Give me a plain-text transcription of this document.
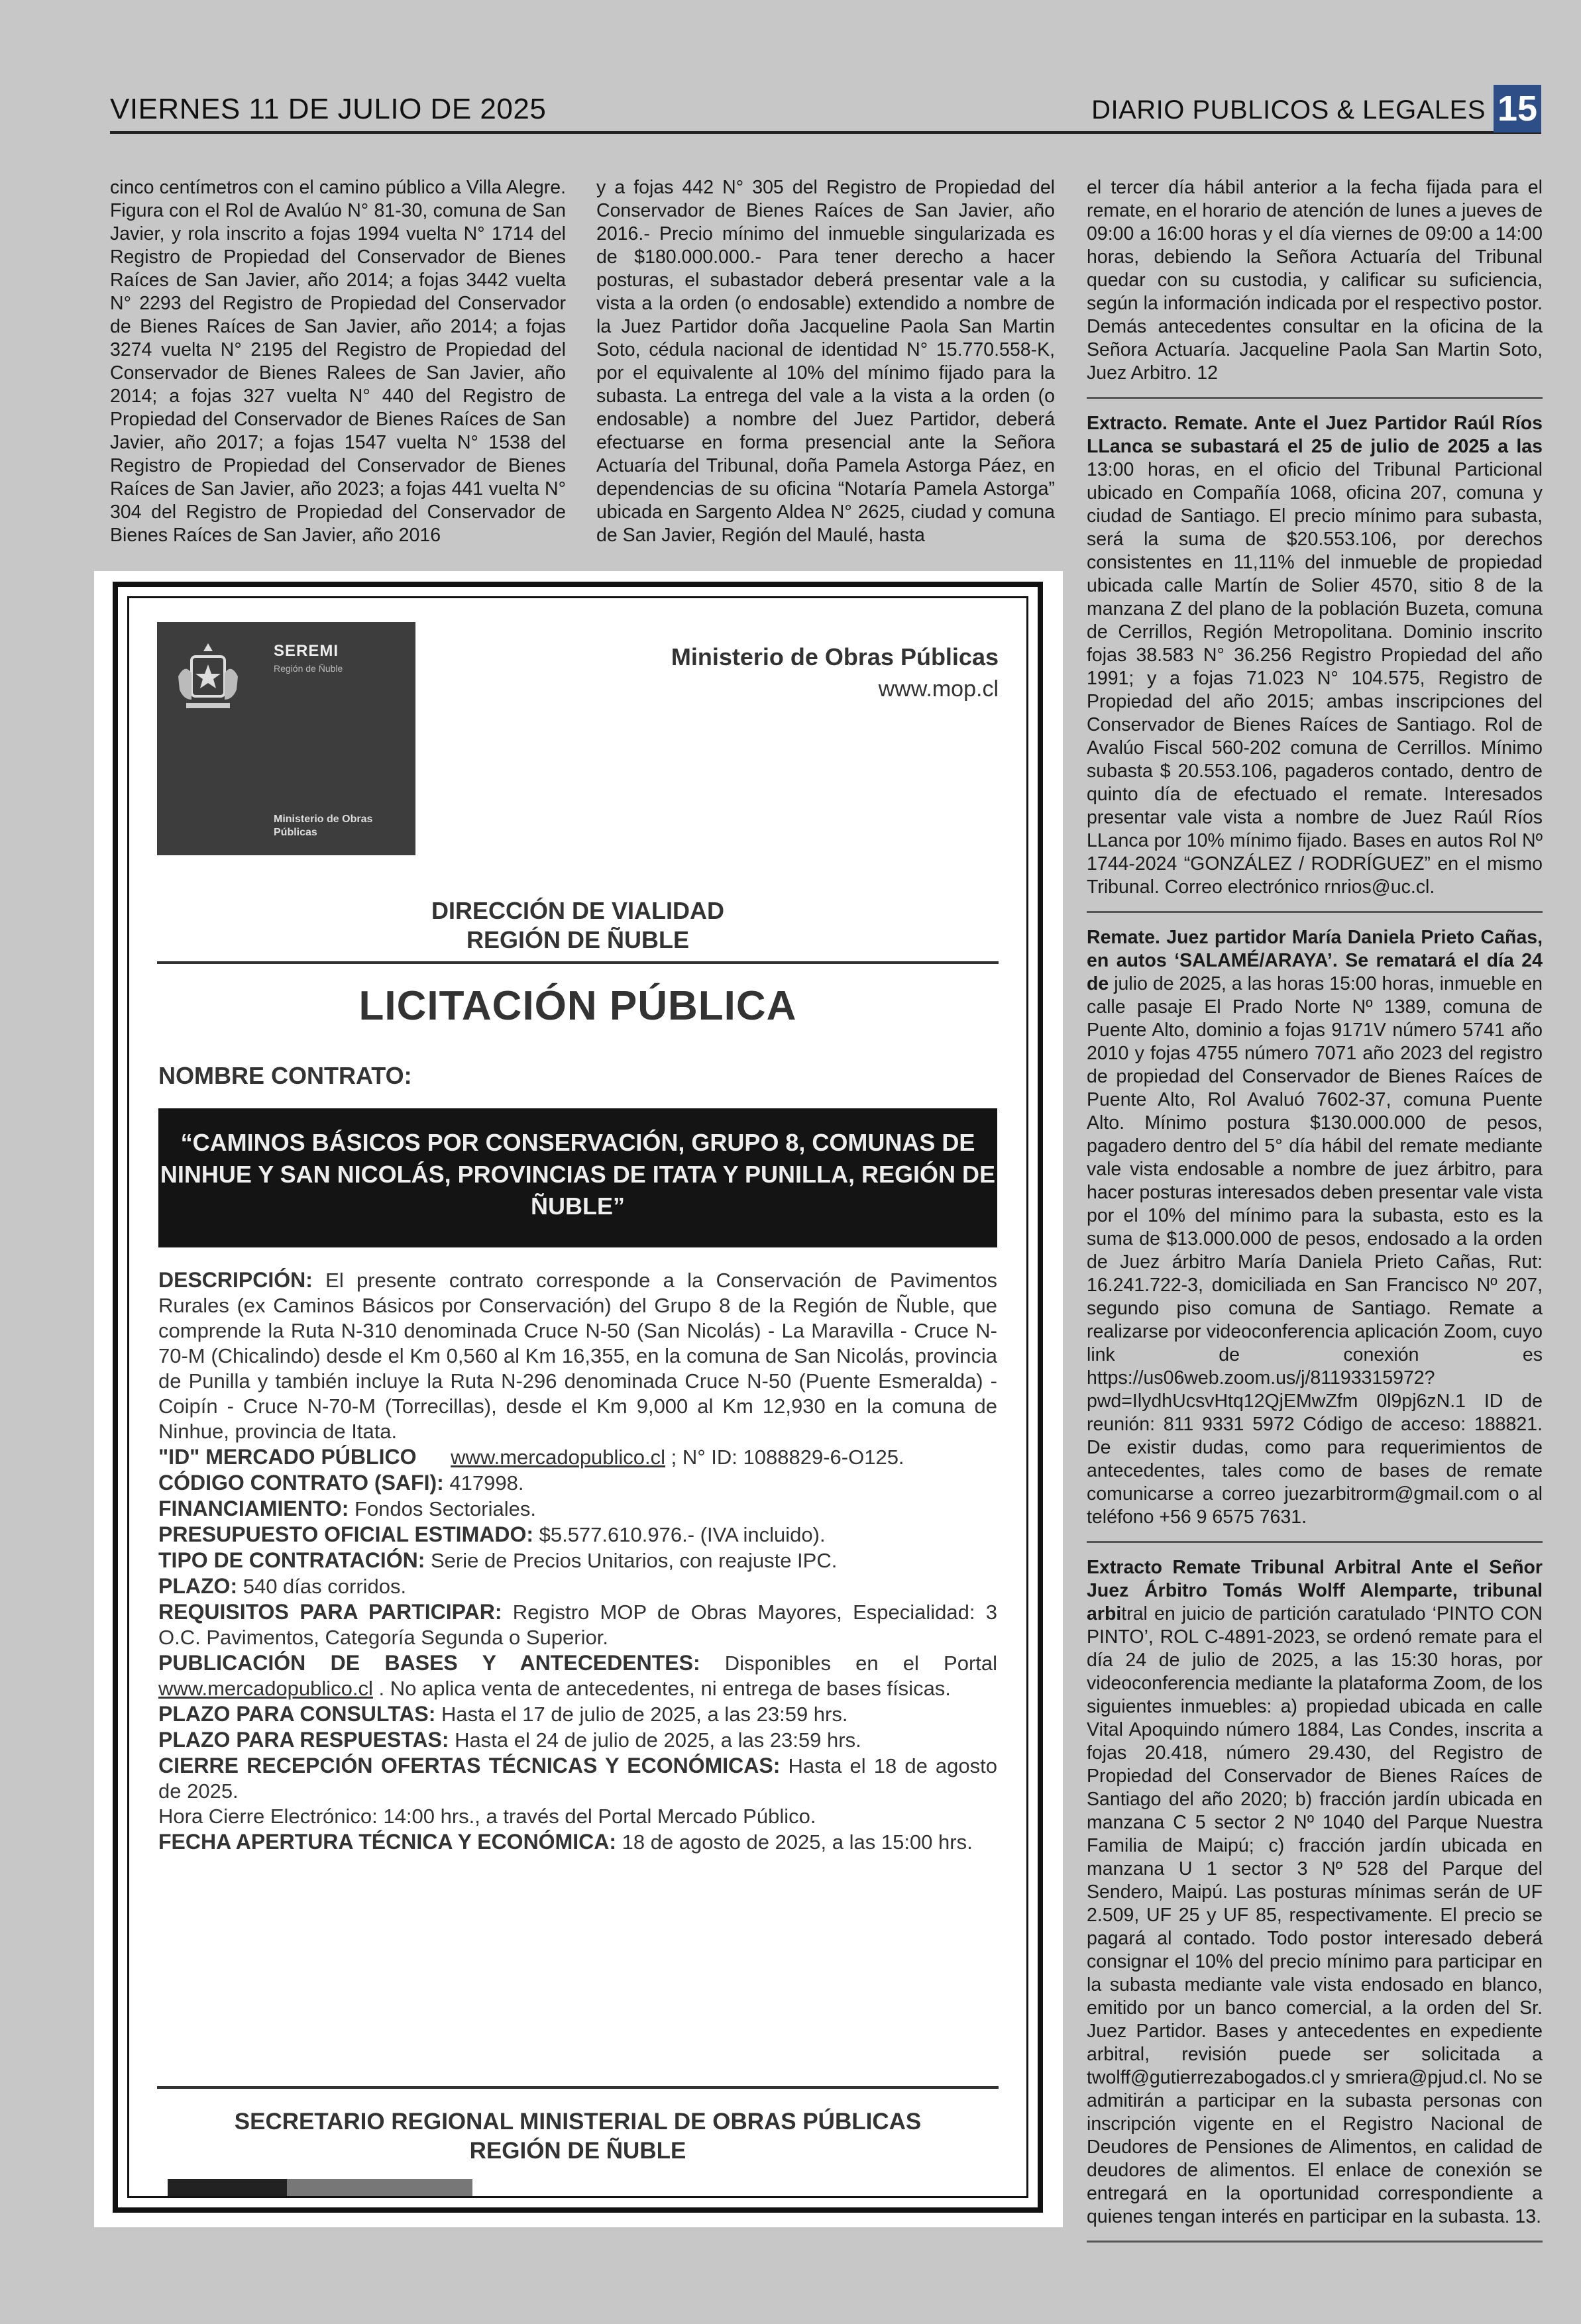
VIERNES 11 DE JULIO DE 2025	DIARIO PUBLICOS & LEGALES 15

cinco centímetros con el camino público a Villa Alegre. Figura con el Rol de Avalúo N° 81-30, comuna de San Javier, y rola inscrito a fojas 1994 vuelta N° 1714 del Registro de Propiedad del Conservador de Bienes Raíces de San Javier, año 2014; a fojas 3442 vuelta N° 2293 del Registro de Propiedad del Conservador de Bienes Raíces de San Javier, año 2014; a fojas 3274 vuelta N° 2195 del Registro de Propiedad del Conservador de Bienes Ralees de San Javier, año 2014; a fojas 327 vuelta N° 440 del Registro de Propiedad del Conservador de Bienes Raíces de San Javier, año 2017; a fojas 1547 vuelta N° 1538 del Registro de Propiedad del Conservador de Bienes Raíces de San Javier, año 2023; a fojas 441 vuelta N° 304 del Registro de Propiedad del Conservador de Bienes Raíces de San Javier, año 2016

y a fojas 442 N° 305 del Registro de Propiedad del Conservador de Bienes Raíces de San Javier, año 2016.- Precio mínimo del inmueble singularizada es de $180.000.000.- Para tener derecho a hacer posturas, el subastador deberá presentar vale a la vista a la orden (o endosable) extendido a nombre de la Juez Partidor doña Jacqueline Paola San Martin Soto, cédula nacional de identidad N° 15.770.558-K, por el equivalente al 10% del mínimo fijado para la subasta. La entrega del vale a la vista a la orden (o endosable) a nombre del Juez Partidor, deberá efectuarse en forma presencial ante la Señora Actuaría del Tribunal, doña Pamela Astorga Páez, en dependencias de su oficina “Notaría Pamela Astorga” ubicada en Sargento Aldea N° 2625, ciudad y comuna de San Javier, Región del Maulé, hasta

el tercer día hábil anterior a la fecha fijada para el remate, en el horario de atención de lunes a jueves de 09:00 a 16:00 horas y el día viernes de 09:00 a 14:00 horas, debiendo la Señora Actuaría del Tribunal quedar con su custodia, y calificar su suficiencia, según la información indicada por el respectivo postor. Demás antecedentes consultar en la oficina de la Señora Actuaría. Jacqueline Paola San Martin Soto, Juez Arbitro. 12

Extracto. Remate. Ante el Juez Partidor Raúl Ríos LLanca se subastará el 25 de julio de 2025 a las 13:00 horas, en el oficio del Tribunal Particional ubicado en Compañía 1068, oficina 207, comuna y ciudad de Santiago. El precio mínimo para subasta, será la suma de $20.553.106, por derechos consistentes en 11,11% del inmueble de propiedad ubicada calle Martín de Solier 4570, sitio 8 de la manzana Z del plano de la población Buzeta, comuna de Cerrillos, Región Metropolitana. Dominio inscrito fojas 38.583 N° 36.256 Registro Propiedad del año 1991; y a fojas 71.023 N° 104.575, Registro de Propiedad del año 2015; ambas inscripciones del Conservador de Bienes Raíces de Santiago. Rol de Avalúo Fiscal 560-202 comuna de Cerrillos. Mínimo subasta $ 20.553.106, pagaderos contado, dentro de quinto día de efectuado el remate. Interesados presentar vale vista a nombre de Juez Raúl Ríos LLanca por 10% mínimo fijado. Bases en autos Rol Nº 1744-2024 “GONZÁLEZ / RODRÍGUEZ” en el mismo Tribunal. Correo electrónico rnrios@uc.cl.

Remate. Juez partidor María Daniela Prieto Cañas, en autos ‘SALAMÉ/ARAYA’. Se rematará el día 24 de julio de 2025, a las horas 15:00 horas, inmueble en calle pasaje El Prado Norte Nº 1389, comuna de Puente Alto, dominio a fojas 9171V número 5741 año 2010 y fojas 4755 número 7071 año 2023 del registro de propiedad del Conservador de Bienes Raíces de Puente Alto, Rol Avaluó 7602-37, comuna Puente Alto. Mínimo postura $130.000.000 de pesos, pagadero dentro del 5° día hábil del remate mediante vale vista endosable a nombre de juez árbitro, para hacer posturas interesados deben presentar vale vista por el 10% del mínimo para la subasta, esto es la suma de $13.000.000 de pesos, endosado a la orden de Juez árbitro María Daniela Prieto Cañas, Rut: 16.241.722-3, domiciliada en San Francisco Nº 207, segundo piso comuna de Santiago. Remate a realizarse por videoconferencia aplicación Zoom, cuyo link de conexión es https://us06web.zoom.us/j/81193315972?pwd=IlydhUcsvHtq12QjEMwZfm 0l9pj6zN.1 ID de reunión: 811 9331 5972 Código de acceso: 188821. De existir dudas, como para requerimientos de antecedentes, tales como de bases de remate comunicarse a correo juezarbitrorm@gmail.com o al teléfono +56 9 6575 7631.

Extracto Remate Tribunal Arbitral Ante el Señor Juez Árbitro Tomás Wolff Alemparte, tribunal arbitral en juicio de partición caratulado ‘PINTO CON PINTO’, ROL C-4891-2023, se ordenó remate para el día 24 de julio de 2025, a las 15:30 horas, por videoconferencia mediante la plataforma Zoom, de los siguientes inmuebles: a) propiedad ubicada en calle Vital Apoquindo número 1884, Las Condes, inscrita a fojas 20.418, número 29.430, del Registro de Propiedad del Conservador de Bienes Raíces de Santiago del año 2020; b) fracción jardín ubicada en manzana C 5 sector 2 Nº 1040 del Parque Nuestra Familia de Maipú; c) fracción jardín ubicada en manzana U 1 sector 3 Nº 528 del Parque del Sendero, Maipú. Las posturas mínimas serán de UF 2.509, UF 25 y UF 85, respectivamente. El precio se pagará al contado. Todo postor interesado deberá consignar el 10% del precio mínimo para participar en la subasta mediante vale vista endosado en blanco, emitido por un banco comercial, a la orden del Sr. Juez Partidor. Bases y antecedentes en expediente arbitral, revisión puede ser solicitada a twolff@gutierrezabogados.cl y smriera@pjud.cl. No se admitirán a participar en la subasta personas con inscripción vigente en el Registro Nacional de Deudores de Pensiones de Alimentos, en calidad de deudores de alimentos. El enlace de conexión se entregará en la oportunidad correspondiente a quienes tengan interés en participar en la subasta. 13.

SEREMI
Región de Ñuble
Ministerio de Obras Públicas
Ministerio de Obras Públicas
www.mop.cl
DIRECCIÓN DE VIALIDAD
REGIÓN DE ÑUBLE
LICITACIÓN PÚBLICA
NOMBRE CONTRATO:
“CAMINOS BÁSICOS POR CONSERVACIÓN, GRUPO 8, COMUNAS DE NINHUE Y SAN NICOLÁS, PROVINCIAS DE ITATA Y PUNILLA, REGIÓN DE ÑUBLE”

DESCRIPCIÓN: El presente contrato corresponde a la Conservación de Pavimentos Rurales (ex Caminos Básicos por Conservación) del Grupo 8 de la Región de Ñuble, que comprende la Ruta N-310 denominada Cruce N-50 (San Nicolás) - La Maravilla - Cruce N-70-M (Chicalindo) desde el Km 0,560 al Km 16,355, en la comuna de San Nicolás, provincia de Punilla y también incluye la Ruta N-296 denominada Cruce N-50 (Puente Esmeralda) - Coipín - Cruce N-70-M (Torrecillas), desde el Km 9,000 al Km 12,930 en la comuna de Ninhue, provincia de Itata.

"ID" MERCADO PÚBLICO www.mercadopublico.cl ; N° ID: 1088829-6-O125.

CÓDIGO CONTRATO (SAFI): 417998.

FINANCIAMIENTO: Fondos Sectoriales.

PRESUPUESTO OFICIAL ESTIMADO: $5.577.610.976.- (IVA incluido).

TIPO DE CONTRATACIÓN: Serie de Precios Unitarios, con reajuste IPC.

PLAZO: 540 días corridos.

REQUISITOS PARA PARTICIPAR: Registro MOP de Obras Mayores, Especialidad: 3 O.C. Pavimentos, Categoría Segunda o Superior.

PUBLICACIÓN DE BASES Y ANTECEDENTES: Disponibles en el Portal www.mercadopublico.cl . No aplica venta de antecedentes, ni entrega de bases físicas.

PLAZO PARA CONSULTAS: Hasta el 17 de julio de 2025, a las 23:59 hrs.

PLAZO PARA RESPUESTAS: Hasta el 24 de julio de 2025, a las 23:59 hrs.

CIERRE RECEPCIÓN OFERTAS TÉCNICAS Y ECONÓMICAS: Hasta el 18 de agosto de 2025.

Hora Cierre Electrónico: 14:00 hrs., a través del Portal Mercado Público.

FECHA APERTURA TÉCNICA Y ECONÓMICA: 18 de agosto de 2025, a las 15:00 hrs.

SECRETARIO REGIONAL MINISTERIAL DE OBRAS PÚBLICAS
REGIÓN DE ÑUBLE
